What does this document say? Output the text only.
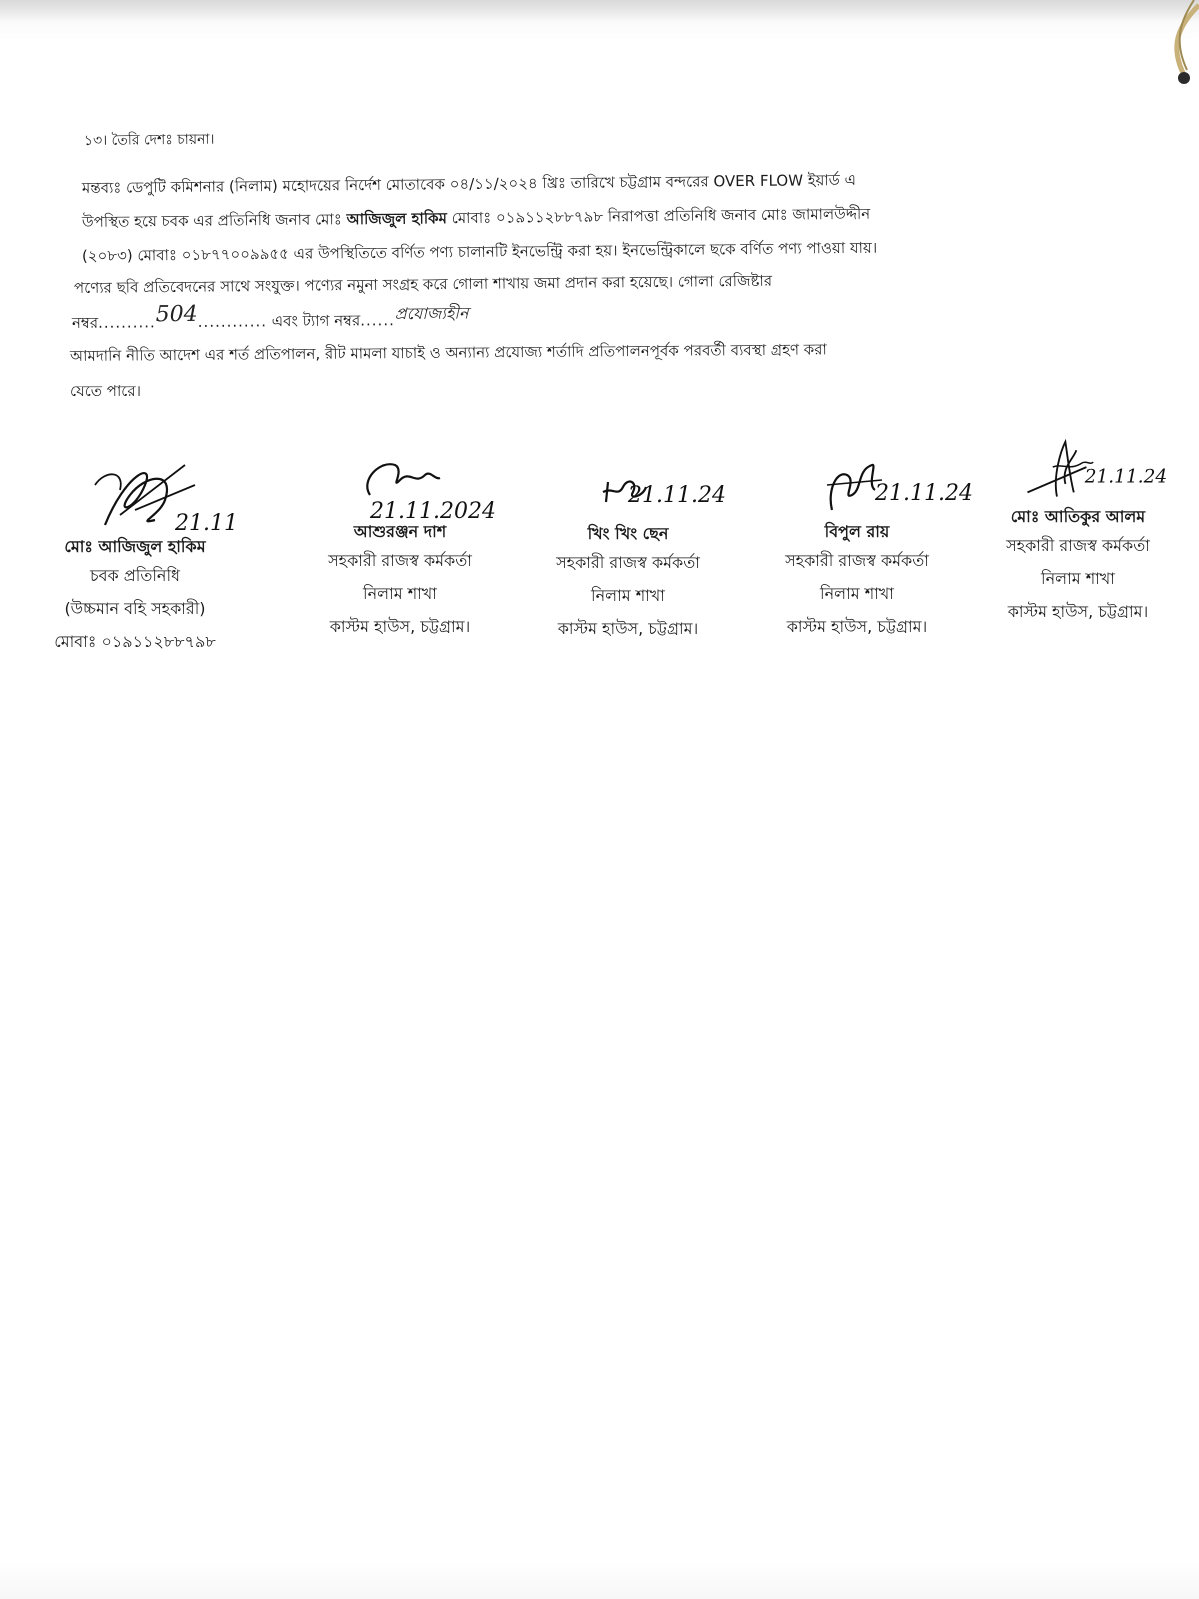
১৩। তৈরি দেশঃ চায়না।
মন্তব্যঃ ডেপুটি কমিশনার (নিলাম) মহোদয়ের নির্দেশ মোতাবেক ০৪/১১/২০২৪ খ্রিঃ তারিখে চট্টগ্রাম বন্দরের OVER FLOW ইয়ার্ড এ
উপস্থিত হয়ে চবক এর প্রতিনিধি জনাব মোঃ আজিজুল হাকিম মোবাঃ ০১৯১১২৮৮৭৯৮ নিরাপত্তা প্রতিনিধি জনাব মোঃ জামালউদ্দীন
(২০৮৩) মোবাঃ ০১৮৭৭০০৯৯৫৫ এর উপস্থিতিতে বর্ণিত পণ্য চালানটি ইনভেন্ট্রি করা হয়। ইনভেন্ট্রিকালে ছকে বর্ণিত পণ্য পাওয়া যায়।
পণ্যের ছবি প্রতিবেদনের সাথে সংযুক্ত। পণ্যের নমুনা সংগ্রহ করে গোলা শাখায় জমা প্রদান করা হয়েছে। গোলা রেজিষ্টার
নম্বর..........504............ এবং ট্যাগ নম্বর......প্রযোজ্যহীন
আমদানি নীতি আদেশ এর শর্ত প্রতিপালন, রীট মামলা যাচাই ও অন্যান্য প্রযোজ্য শর্তাদি প্রতিপালনপূর্বক পরবর্তী ব্যবস্থা গ্রহণ করা
যেতে পারে।
21.11
মোঃ আজিজুল হাকিম
চবক প্রতিনিধি
(উচ্চমান বহি সহকারী)
মোবাঃ ০১৯১১২৮৮৭৯৮
21.11.2024
আশুরঞ্জন দাশ
সহকারী রাজস্ব কর্মকর্তা
নিলাম শাখা
কাস্টম হাউস, চট্টগ্রাম।
21.11.24
খিং খিং ছেন
সহকারী রাজস্ব কর্মকর্তা
নিলাম শাখা
কাস্টম হাউস, চট্টগ্রাম।
21.11.24
বিপুল রায়
সহকারী রাজস্ব কর্মকর্তা
নিলাম শাখা
কাস্টম হাউস, চট্টগ্রাম।
21.11.24
মোঃ আতিকুর আলম
সহকারী রাজস্ব কর্মকর্তা
নিলাম শাখা
কাস্টম হাউস, চট্টগ্রাম।
